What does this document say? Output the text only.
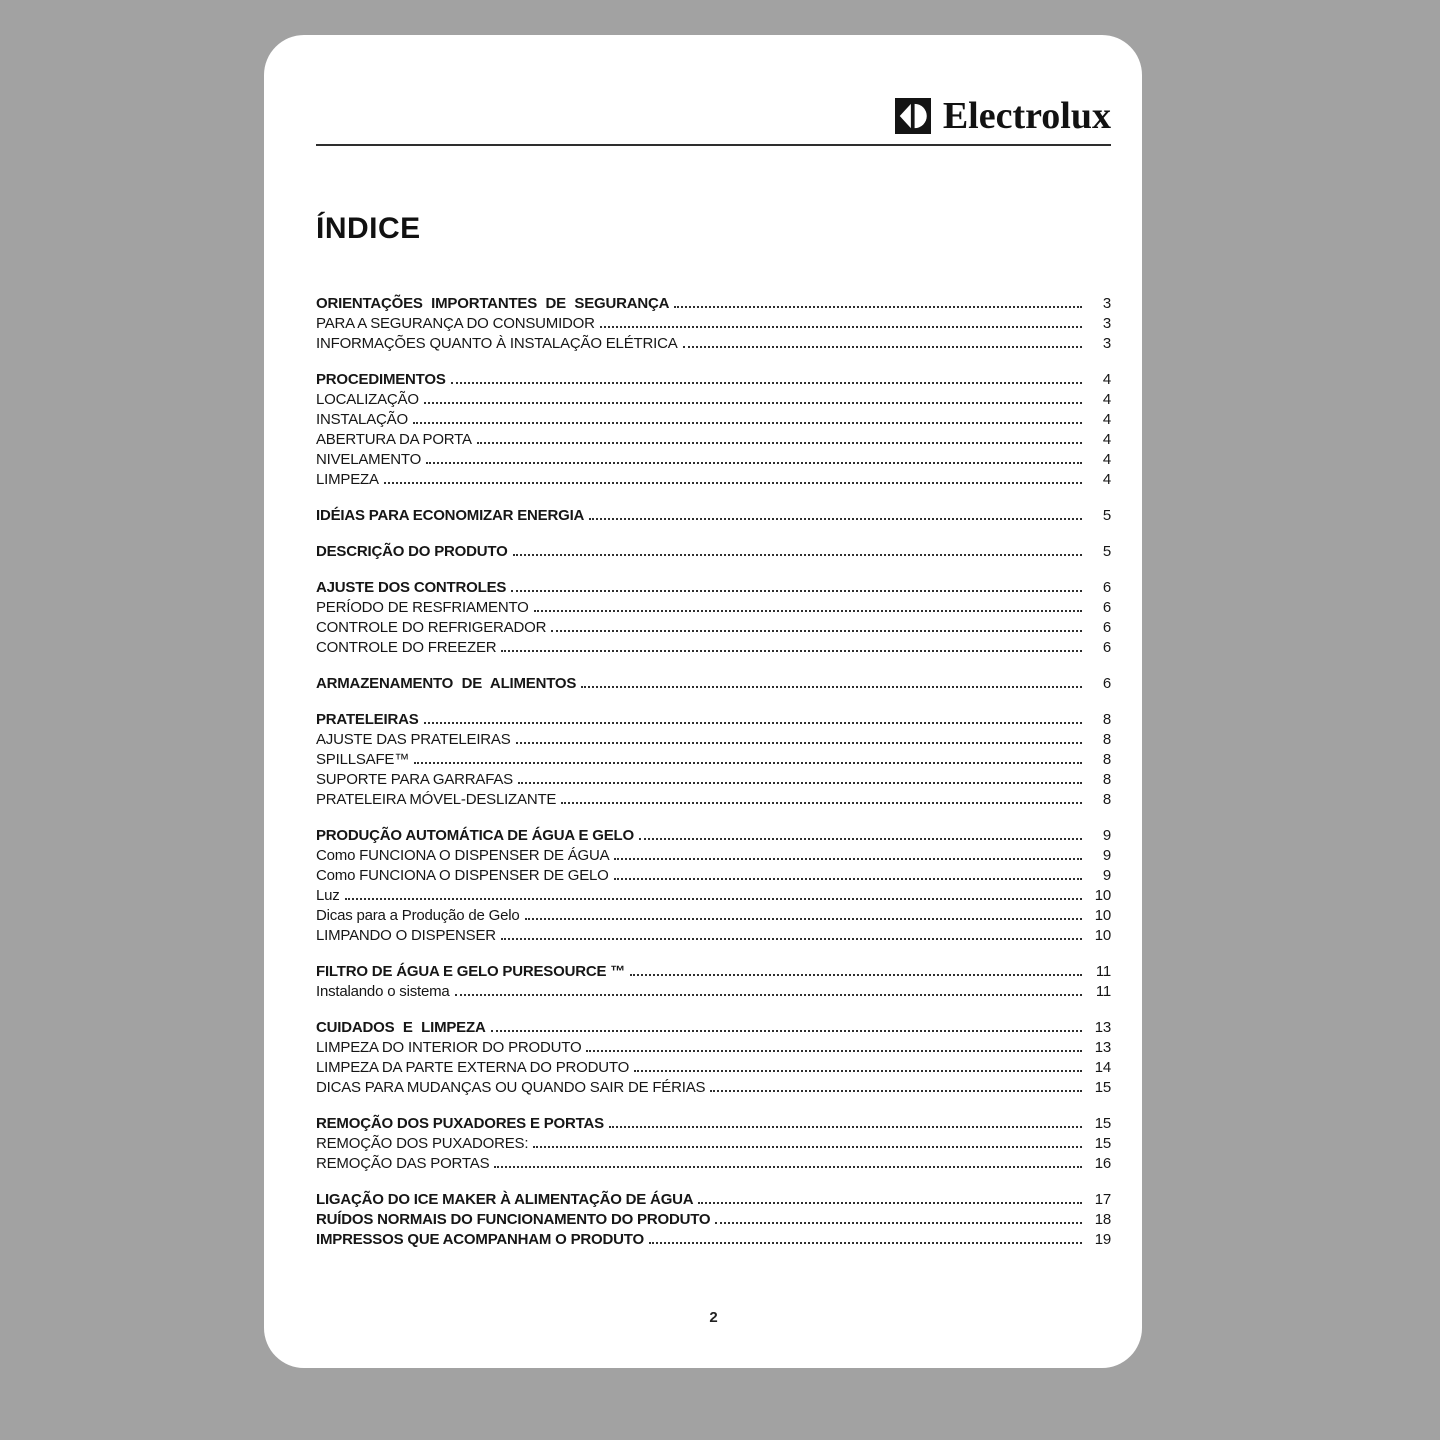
Electrolux
ÍNDICE
ORIENTAÇÕES IMPORTANTES DE SEGURANÇA	3
PARA A SEGURANÇA DO CONSUMIDOR	3
INFORMAÇÕES QUANTO À INSTALAÇÃO ELÉTRICA	3
PROCEDIMENTOS	4
LOCALIZAÇÃO	4
INSTALAÇÃO	4
ABERTURA DA PORTA	4
NIVELAMENTO	4
LIMPEZA	4
IDÉIAS PARA ECONOMIZAR ENERGIA	5
DESCRIÇÃO DO PRODUTO	5
AJUSTE DOS CONTROLES	6
PERÍODO DE RESFRIAMENTO	6
CONTROLE DO REFRIGERADOR	6
CONTROLE DO FREEZER	6
ARMAZENAMENTO DE ALIMENTOS	6
PRATELEIRAS	8
AJUSTE DAS PRATELEIRAS	8
SPILLSAFE™	8
SUPORTE PARA GARRAFAS	8
PRATELEIRA MÓVEL-DESLIZANTE	8
PRODUÇÃO AUTOMÁTICA DE ÁGUA E GELO	9
Como FUNCIONA O DISPENSER DE ÁGUA	9
Como FUNCIONA O DISPENSER DE GELO	9
Luz	10
Dicas para a Produção de Gelo	10
LIMPANDO O DISPENSER	10
FILTRO DE ÁGUA E GELO PURESOURCE ™	11
Instalando o sistema	11
CUIDADOS E LIMPEZA	13
LIMPEZA DO INTERIOR DO PRODUTO	13
LIMPEZA DA PARTE EXTERNA DO PRODUTO	14
DICAS PARA MUDANÇAS OU QUANDO SAIR DE FÉRIAS	15
REMOÇÃO DOS PUXADORES E PORTAS	15
REMOÇÃO DOS PUXADORES:	15
REMOÇÃO DAS PORTAS	16
LIGAÇÃO DO ICE MAKER À ALIMENTAÇÃO DE ÁGUA	17
RUÍDOS NORMAIS DO FUNCIONAMENTO DO PRODUTO	18
IMPRESSOS QUE ACOMPANHAM O PRODUTO	19
2
